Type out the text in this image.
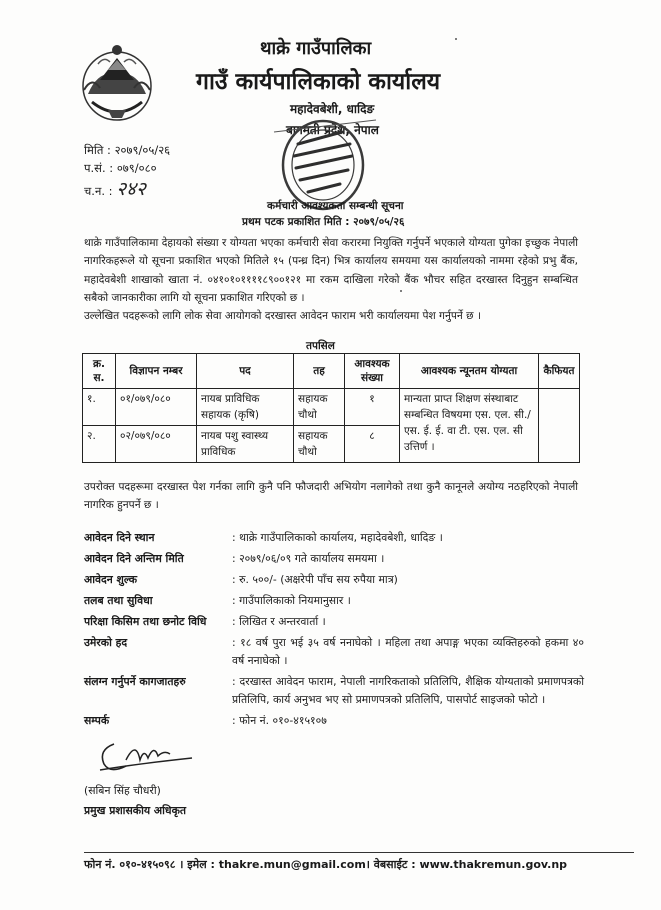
थाक्रे गाउँपालिका
गाउँ कार्यपालिकाको कार्यालय
महादेवबेशी, धादिङ
बागमती प्रदेश, नेपाल
मिति : २०७९/०५/२६
प.सं. : ०७९/०८०
च.न. : २४२
कर्मचारी आवश्यकता सम्बन्धी सूचना
प्रथम पटक प्रकाशित मिति : २०७९/०५/२६

थाक्रे गाउँपालिकामा देहायको संख्या र योग्यता भएका कर्मचारी सेवा करारमा नियुक्ति गर्नुपर्ने भएकाले योग्यता पुगेका इच्छुक नेपाली नागरिकहरूले यो सूचना प्रकाशित भएको मितिले १५ (पन्ध्र दिन) भित्र कार्यालय समयमा यस कार्यालयको नाममा रहेको प्रभु बैंक, महादेवबेशी शाखाको खाता नं. ०४१०१०११११८९००१२१ मा रकम दाखिला गरेको बैंक भौचर सहित दरखास्त दिनुहुन सम्बन्धित सबैको जानकारीका लागि यो सूचना प्रकाशित गरिएको छ ।

उल्लेखित पदहरूको लागि लोक सेवा आयोगको दरखास्त आवेदन फाराम भरी कार्यालयमा पेश गर्नुपर्ने छ ।

तपसिल
क्र. स.	विज्ञापन नम्बर	पद	तह	आवश्यक संख्या	आवश्यक न्यूनतम योग्यता	कैफियत
१.	०१/०७९/०८०	नायब प्राविधिक सहायक (कृषि)	सहायक चौथो	१	मान्यता प्राप्त शिक्षण संस्थाबाट सम्बन्धित विषयमा एस. एल. सी./ एस. ई. ई. वा टी. एस. एल. सी उत्तिर्ण ।	
२.	०२/०७९/०८०	नायब पशु स्वास्थ्य प्राविधिक	सहायक चौथो	८		
उपरोक्त पदहरूमा दरखास्त पेश गर्नका लागि कुनै पनि फौजदारी अभियोग नलागेको तथा कुनै कानूनले अयोग्य नठहरिएको नेपाली नागरिक हुनपर्ने छ ।
आवेदन दिने स्थान	: थाक्रे गाउँपालिकाको कार्यालय, महादेवबेशी, धादिङ ।
आवेदन दिने अन्तिम मिति	: २०७९/०६/०९ गते कार्यालय समयमा ।
आवेदन शुल्क	: रु. ५००/- (अक्षरेपी पाँच सय रुपैया मात्र)
तलब तथा सुविधा	: गाउँपालिकाको नियमानुसार ।
परिक्षा किसिम तथा छनोट विधि	: लिखित र अन्तरवार्ता ।
उमेरको हद	: १८ वर्ष पुरा भई ३५ वर्ष ननाघेको । महिला तथा अपाङ्ग भएका व्यक्तिहरुको हकमा ४० वर्ष ननाघेको ।
संलग्न गर्नुपर्ने कागजातहरु	: दरखास्त आवेदन फाराम, नेपाली नागरिकताको प्रतिलिपि, शैक्षिक योग्यताको प्रमाणपत्रको प्रतिलिपि, कार्य अनुभव भए सो प्रमाणपत्रको प्रतिलिपि, पासपोर्ट साइजको फोटो ।
सम्पर्क	: फोन नं. ०१०-४१५१०७
(सबिन सिंह चौधरी)
प्रमुख प्रशासकीय अधिकृत
फोन नं. ०१०-४१५०९८ । इमेल : thakre.mun@gmail.com। वेबसाईट : www.thakremun.gov.np
